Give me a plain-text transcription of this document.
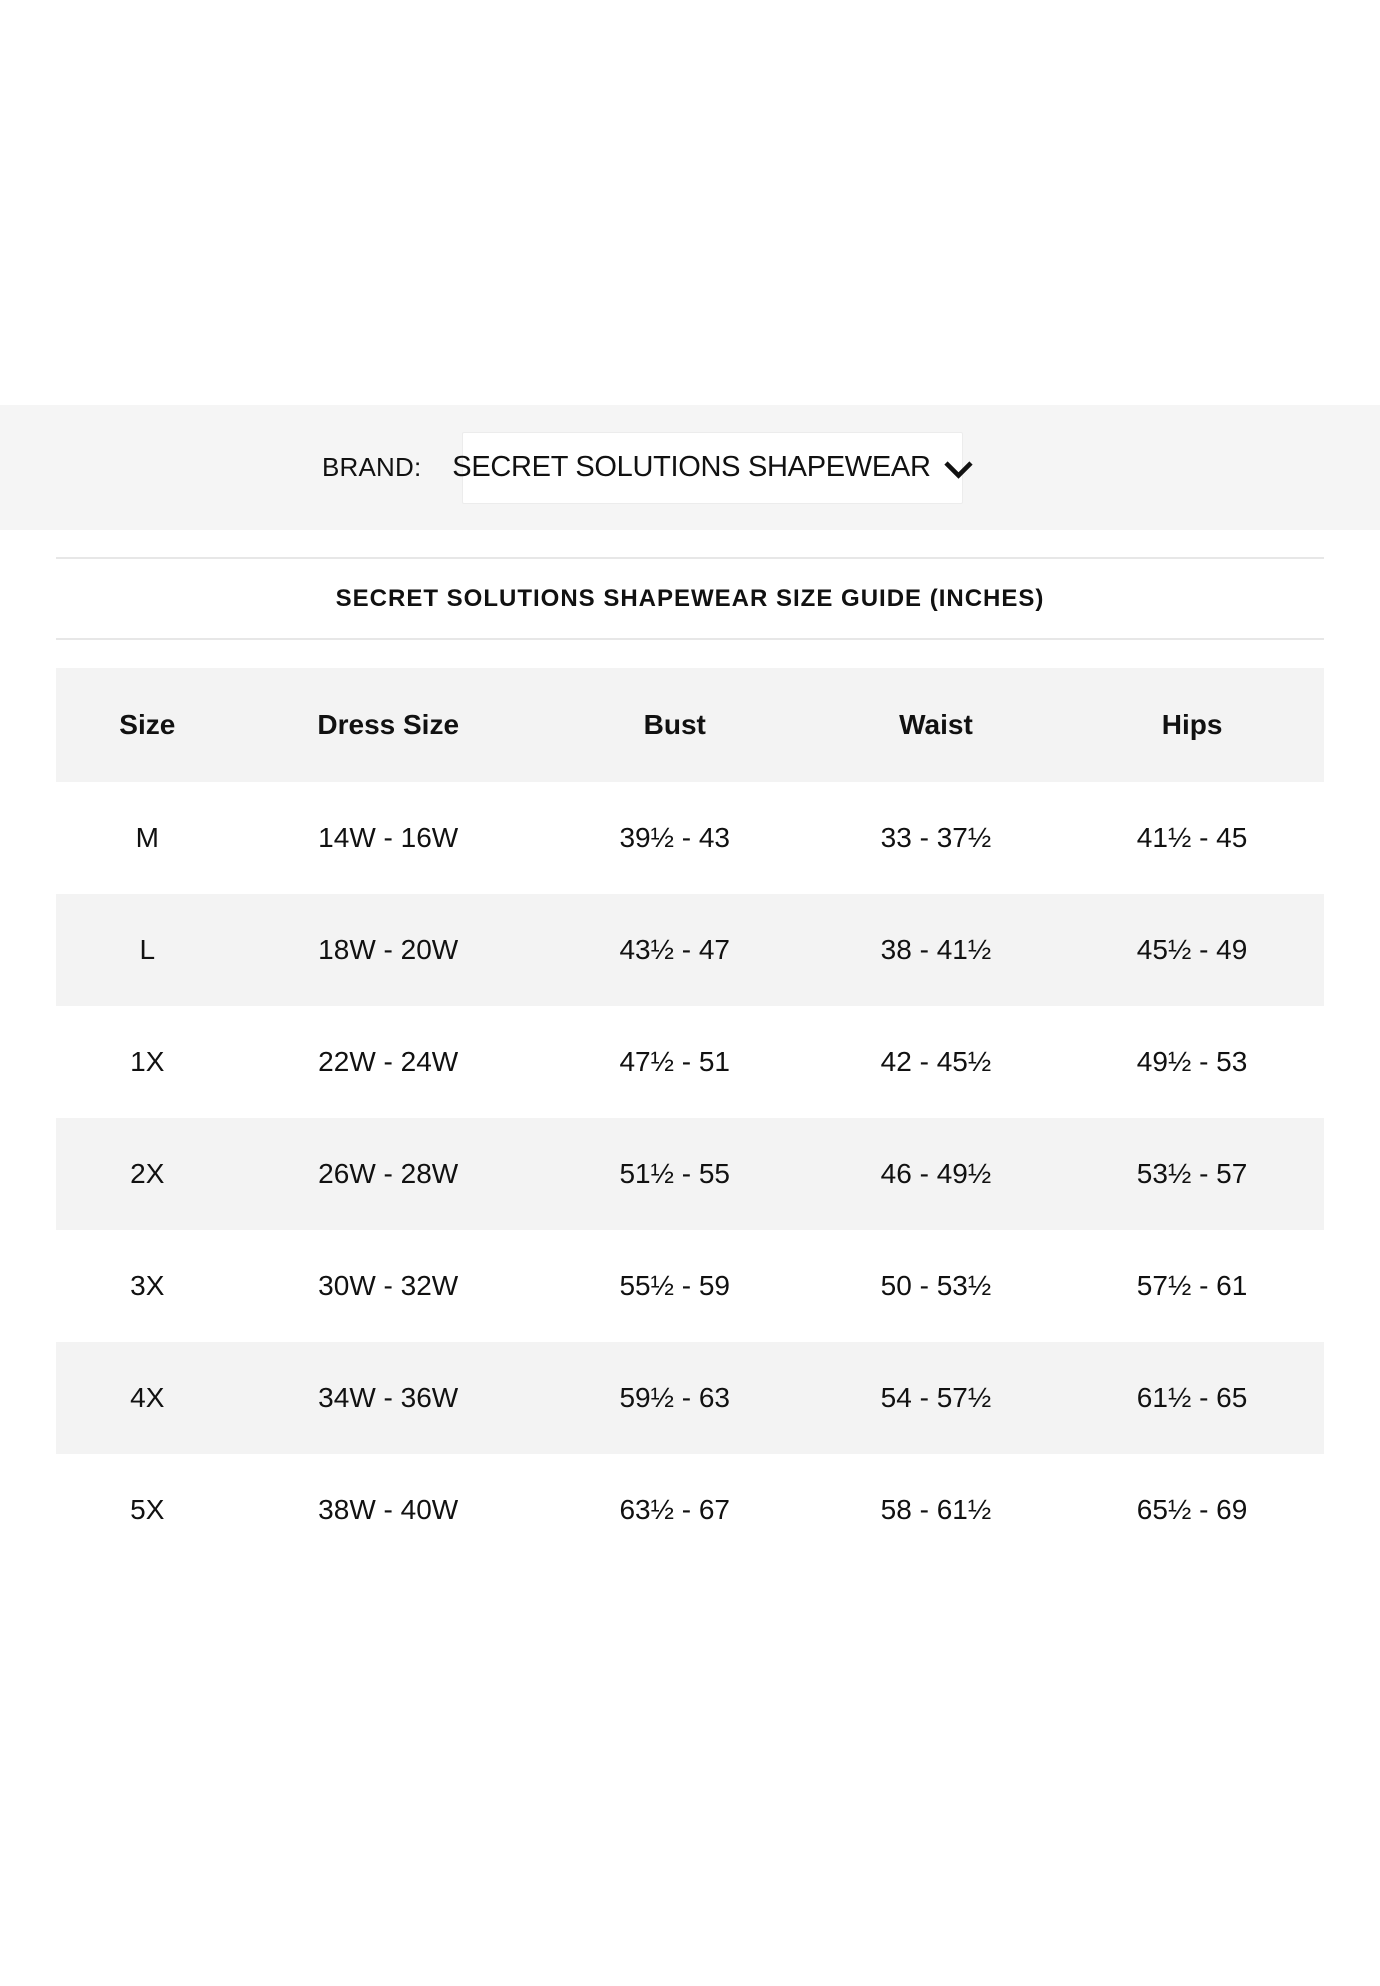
BRAND: SECRET SOLUTIONS SHAPEWEAR
SECRET SOLUTIONS SHAPEWEAR SIZE GUIDE (INCHES)
Size	Dress Size	Bust	Waist	Hips
M	14W - 16W	39½ - 43	33 - 37½	41½ - 45
L	18W - 20W	43½ - 47	38 - 41½	45½ - 49
1X	22W - 24W	47½ - 51	42 - 45½	49½ - 53
2X	26W - 28W	51½ - 55	46 - 49½	53½ - 57
3X	30W - 32W	55½ - 59	50 - 53½	57½ - 61
4X	34W - 36W	59½ - 63	54 - 57½	61½ - 65
5X	38W - 40W	63½ - 67	58 - 61½	65½ - 69
